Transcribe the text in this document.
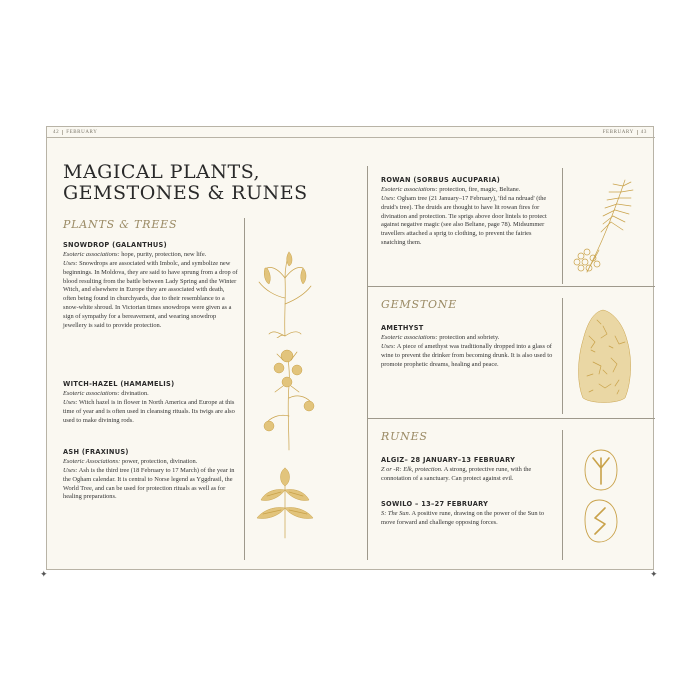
42	FEBRUARY	FEBRUARY	43
MAGICAL PLANTS,
GEMSTONES & RUNES
PLANTS & TREES
SNOWDROP (GALANTHUS)

Esoteric associations: hope, purity, protection, new life.

Uses: Snowdrops are associated with Imbolc, and symbolize new beginnings. In Moldova, they are said to have sprung from a drop of blood resulting from the battle between Lady Spring and the Winter Witch, and elsewhere in Europe they are associated with death, often being found in churchyards, due to their resemblance to a snow-white shroud. In Victorian times snowdrops were given as a sign of sympathy for a bereavement, and wearing snowdrop jewellery is said to provide protection.

WITCH-HAZEL (HAMAMELIS)

Esoteric associations: divination.

Uses: Witch hazel is in flower in North America and Europe at this time of year and is often used in cleansing rituals. Its twigs are also used to make divining rods.

ASH (FRAXINUS)

Esoteric Associations: power, protection, divination.

Uses: Ash is the third tree (18 February to 17 March) of the year in the Ogham calendar. It is central to Norse legend as Yggdrasil, the World Tree, and can be used for protection rituals as well as for healing preparations.

ROWAN (SORBUS AUCUPARIA)

Esoteric associations: protection, fire, magic, Beltane.

Uses: Ogham tree (21 January–17 February), 'fid na ndruad' (the druid's tree). The druids are thought to have lit rowan fires for divination and protection. Tie sprigs above door lintels to protect against negative magic (see also Beltane, page 78). Midsummer travellers attached a sprig to clothing, to prevent the fairies snatching them.

GEMSTONE
AMETHYST

Esoteric associations: protection and sobriety.

Uses: A piece of amethyst was traditionally dropped into a glass of wine to prevent the drinker from becoming drunk. It is also used to promote prophetic dreams, healing and peace.

RUNES
ALGIZ– 28 JANUARY–13 FEBRUARY

Z or -R: Elk, protection. A strong, protective rune, with the connotation of a sanctuary. Can protect against evil.

SOWILO – 13–27 FEBRUARY

S: The Sun. A positive rune, drawing on the power of the Sun to move forward and challenge opposing forces.

✦	✦
